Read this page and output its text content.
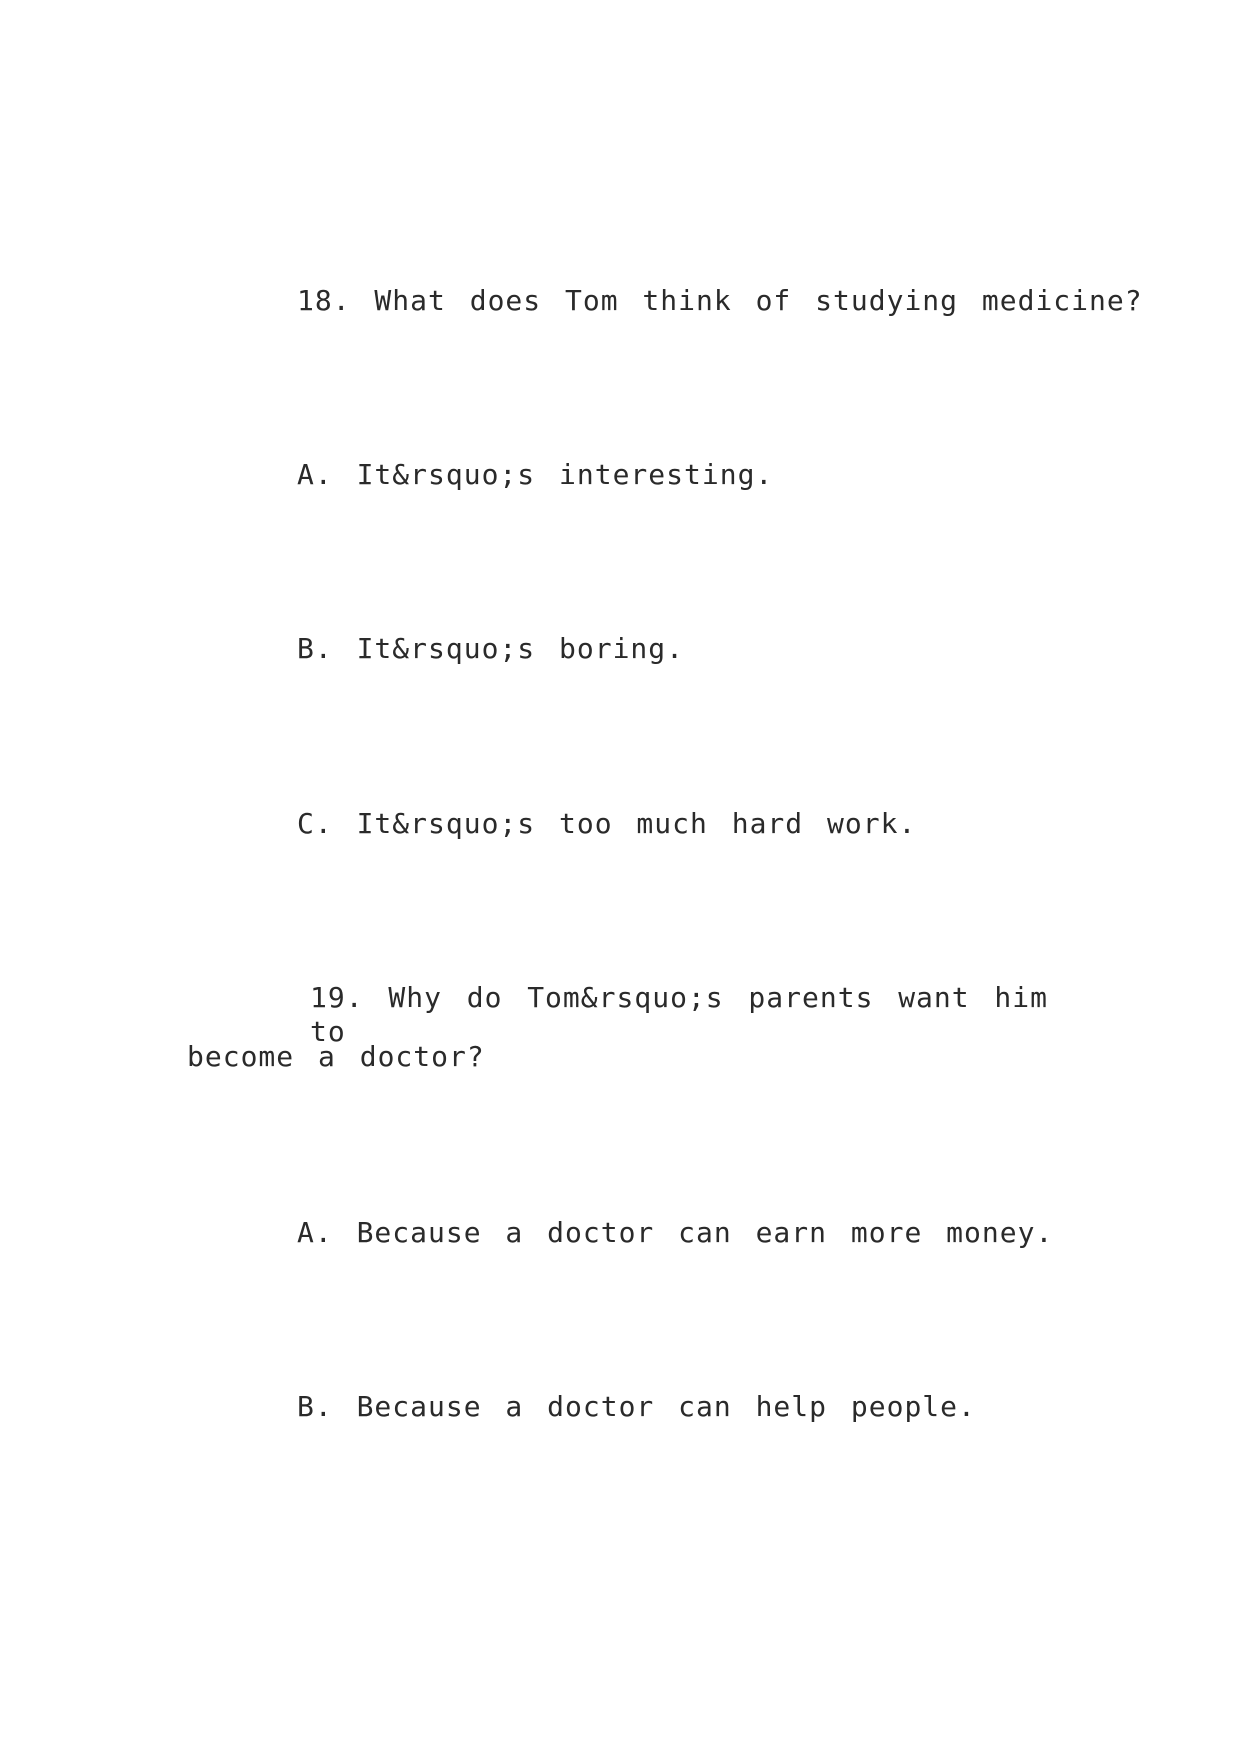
18. What does Tom think of studying medicine?
A. It&rsquo;s interesting.
B. It&rsquo;s boring.
C. It&rsquo;s too much hard work.
19. Why do Tom&rsquo;s parents want him to
become a doctor?
A. Because a doctor can earn more money.
B. Because a doctor can help people.
